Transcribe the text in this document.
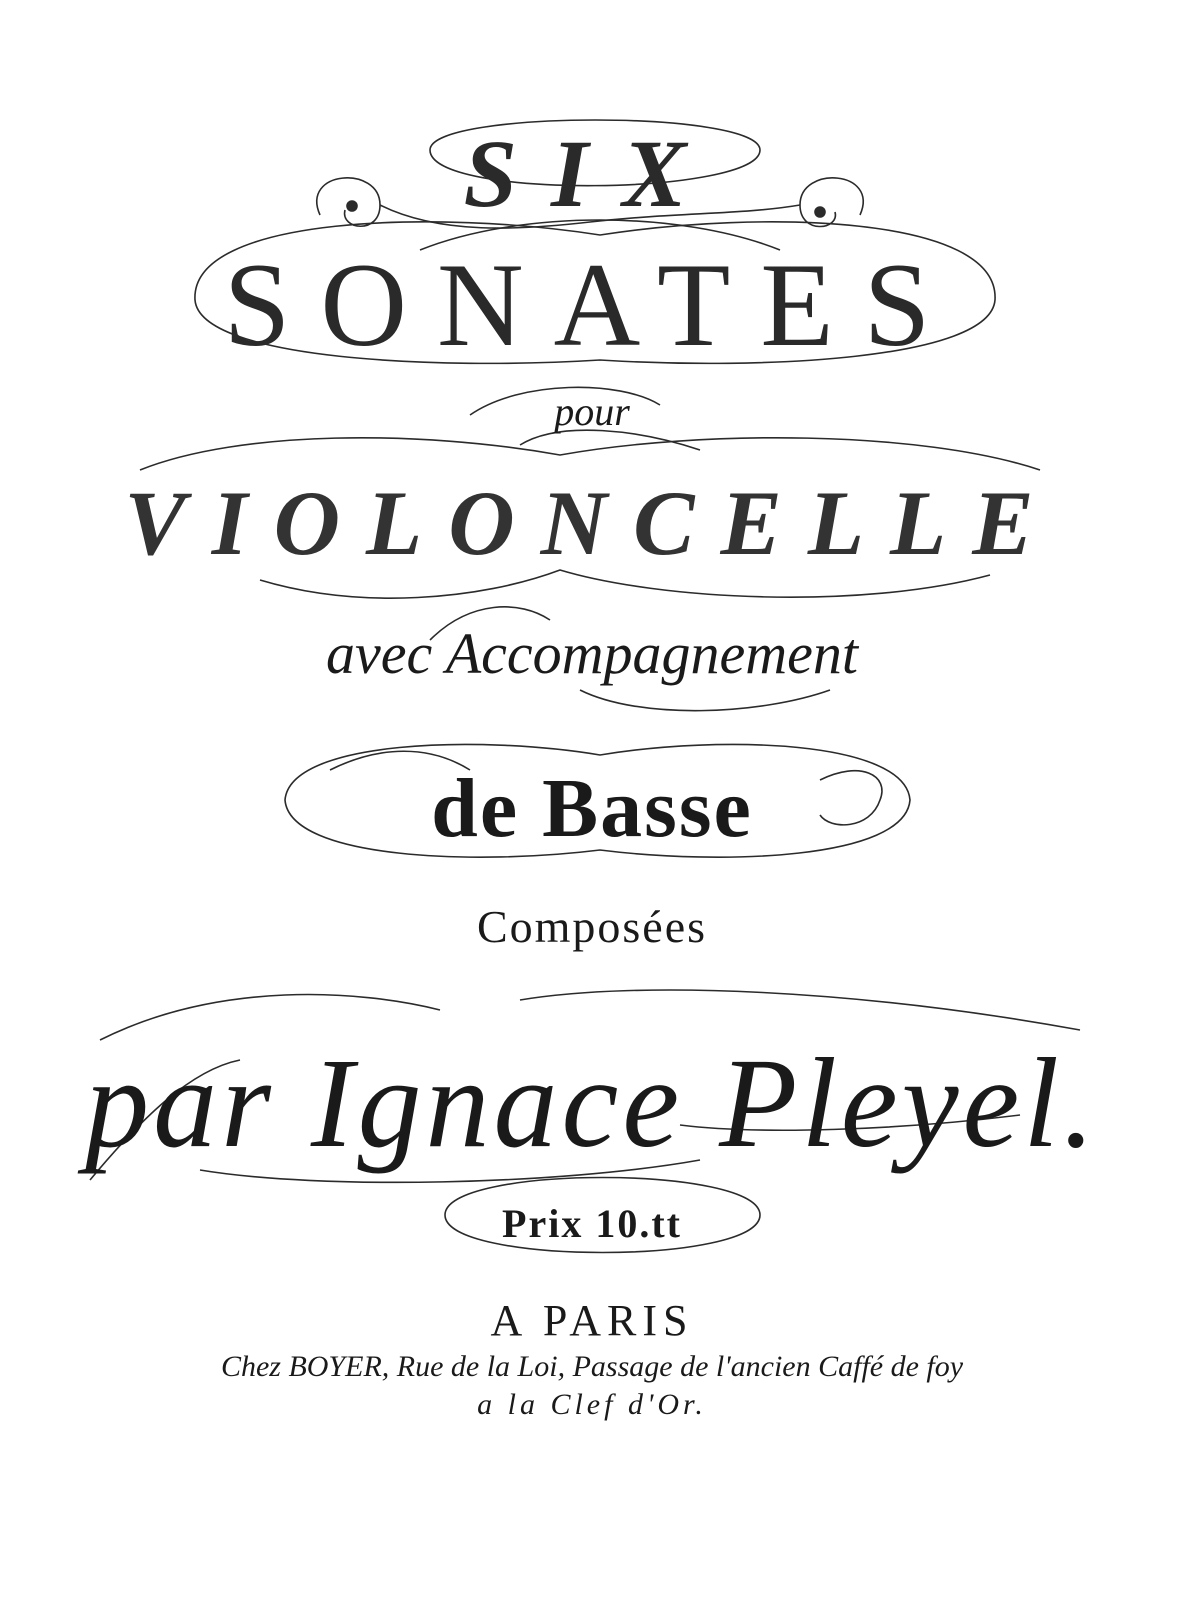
SIX
SONATES
pour
VIOLONCELLE
avec Accompagnement
de Basse
Composées
par Ignace Pleyel.
Prix 10.tt
A PARIS
Chez BOYER, Rue de la Loi, Passage de l'ancien Caffé de foy
a la Clef d'Or.
